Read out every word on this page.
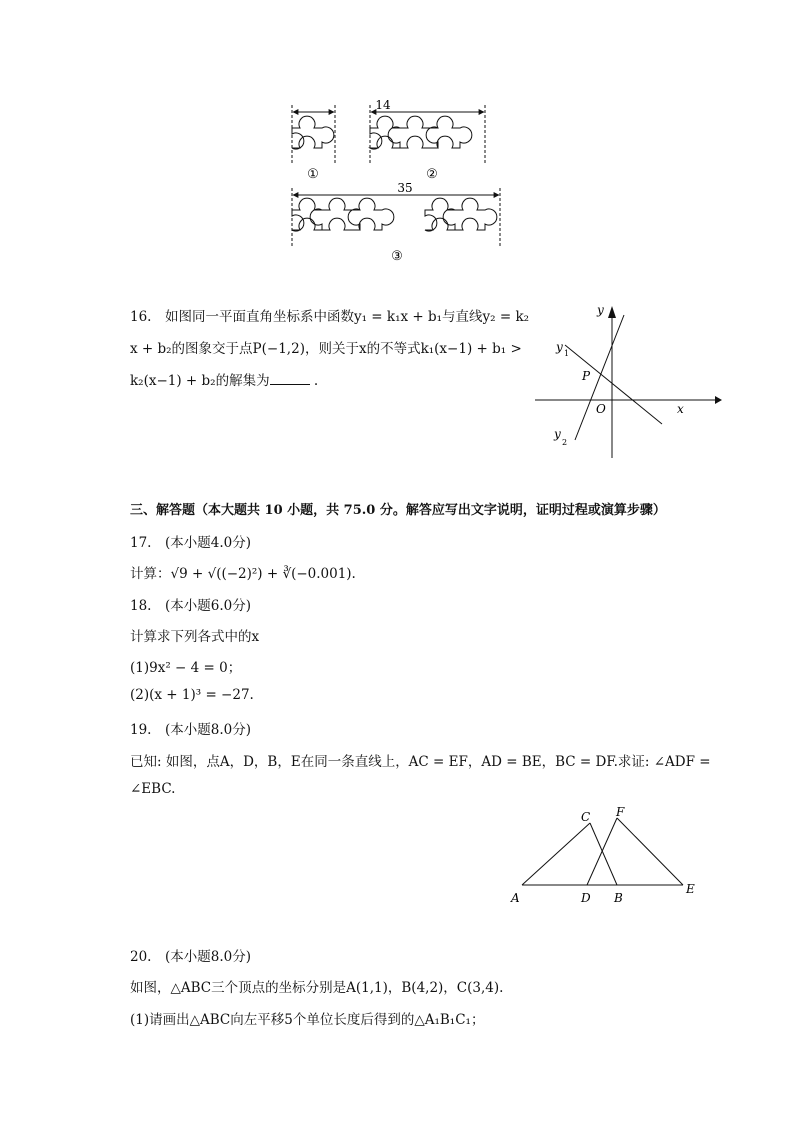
14
35
①	②
③
16.　如图同一平面直角坐标系中函数y₁ = k₁x + b₁与直线y₂ = k₂
x + b₂的图象交于点P(−1,2)，则关于x的不等式k₁(x−1) + b₁ >
k₂(x−1) + b₂的解集为	.
y
x
O
P
y 1
y
2
三、解答题（本大题共 10 小题，共 75.0 分。解答应写出文字说明，证明过程或演算步骤）
17.　(本小题4.0分)
计算：√9 + √((−2)²) + ∛(−0.001).
18.　(本小题6.0分)
计算求下列各式中的x
(1)9x² − 4 = 0；
(2)(x + 1)³ = −27.
19.　(本小题8.0分)
已知: 如图，点A，D，B，E在同一条直线上，AC = EF，AD = BE，BC = DF.求证: ∠ADF =
∠EBC.
A	D B
E
C F
20.　(本小题8.0分)
如图，△ABC三个顶点的坐标分别是A(1,1)，B(4,2)，C(3,4).
(1)请画出△ABC向左平移5个单位长度后得到的△A₁B₁C₁；
